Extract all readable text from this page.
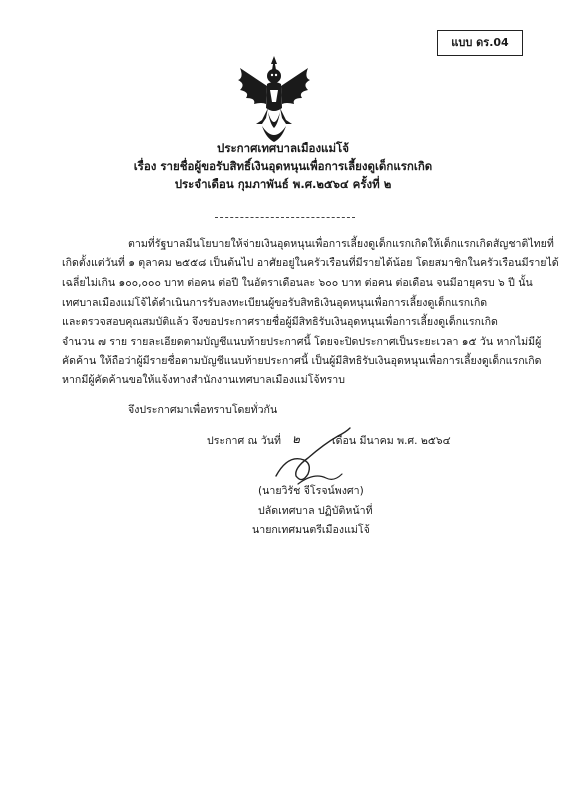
แบบ ดร.04
ประกาศเทศบาลเมืองแม่โจ้
เรื่อง รายชื่อผู้ขอรับสิทธิ์เงินอุดหนุนเพื่อการเลี้ยงดูเด็กแรกเกิด
ประจำเดือน กุมภาพันธ์ พ.ศ.๒๕๖๔ ครั้งที่ ๒
ตามที่รัฐบาลมีนโยบายให้จ่ายเงินอุดหนุนเพื่อการเลี้ยงดูเด็กแรกเกิดให้เด็กแรกเกิดสัญชาติไทยที่
เกิดตั้งแต่วันที่ ๑ ตุลาคม ๒๕๕๘ เป็นต้นไป อาศัยอยู่ในครัวเรือนที่มีรายได้น้อย โดยสมาชิกในครัวเรือนมีรายได้
เฉลี่ยไม่เกิน ๑๐๐,๐๐๐ บาท ต่อคน ต่อปี ในอัตราเดือนละ ๖๐๐ บาท ต่อคน ต่อเดือน จนมีอายุครบ ๖ ปี นั้น
เทศบาลเมืองแม่โจ้ได้ดำเนินการรับลงทะเบียนผู้ขอรับสิทธิเงินอุดหนุนเพื่อการเลี้ยงดูเด็กแรกเกิด
และตรวจสอบคุณสมบัติแล้ว จึงขอประกาศรายชื่อผู้มีสิทธิรับเงินอุดหนุนเพื่อการเลี้ยงดูเด็กแรกเกิด
จำนวน ๗ ราย รายละเอียดตามบัญชีแนบท้ายประกาศนี้ โดยจะปิดประกาศเป็นระยะเวลา ๑๕ วัน หากไม่มีผู้
คัดค้าน ให้ถือว่าผู้มีรายชื่อตามบัญชีแนบท้ายประกาศนี้ เป็นผู้มีสิทธิรับเงินอุดหนุนเพื่อการเลี้ยงดูเด็กแรกเกิด
หากมีผู้คัดค้านขอให้แจ้งทางสำนักงานเทศบาลเมืองแม่โจ้ทราบ
จึงประกาศมาเพื่อทราบโดยทั่วกัน
ประกาศ ณ วันที่ ๒	เดือน มีนาคม พ.ศ. ๒๕๖๔
(นายวิรัช จีโรจน์พงศา)
ปลัดเทศบาล ปฏิบัติหน้าที่
นายกเทศมนตรีเมืองแม่โจ้
